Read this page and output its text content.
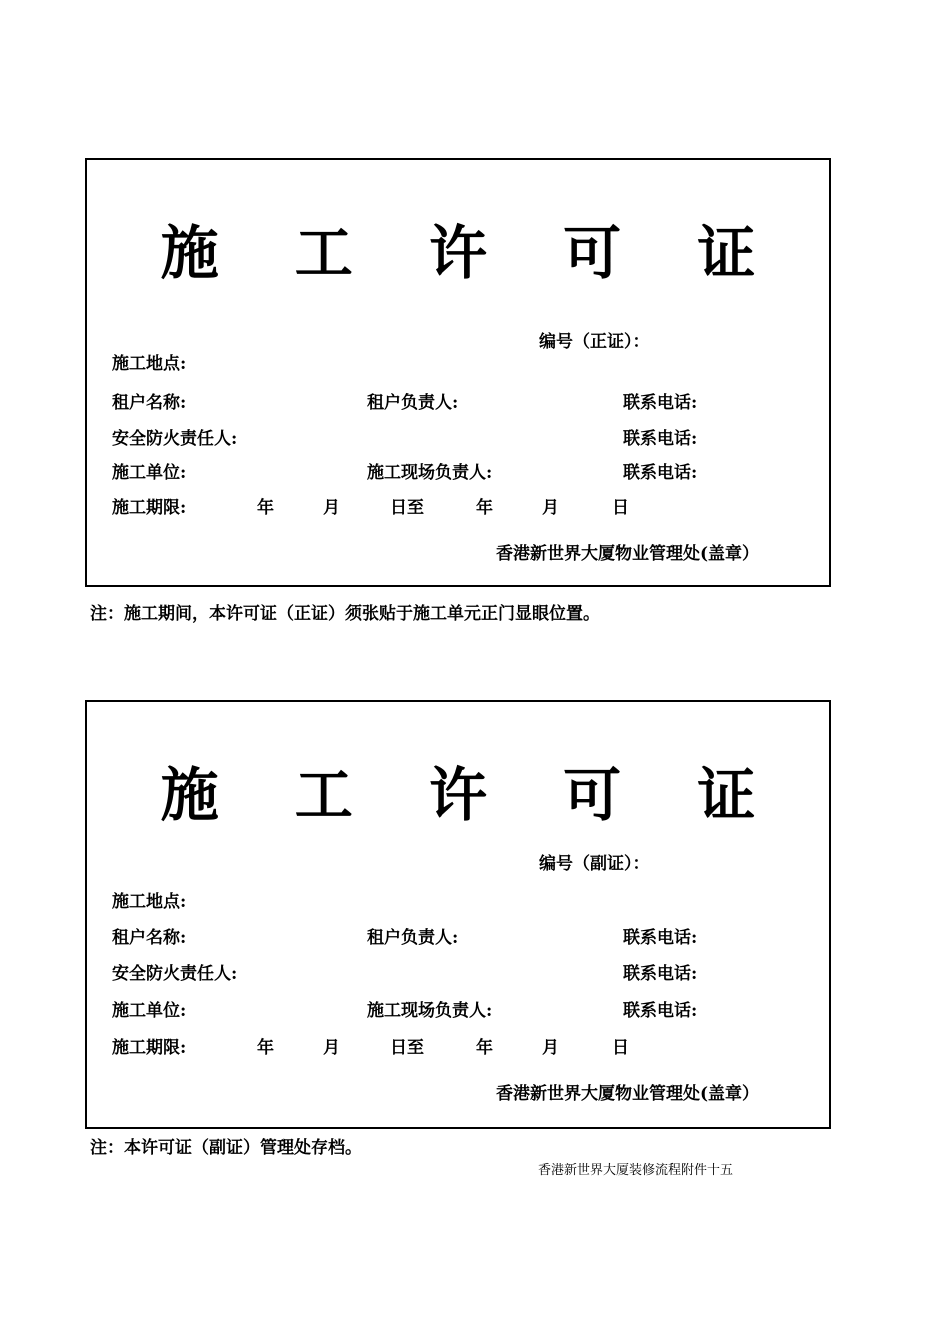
施 工 许 可 证
编号（正证）：
施工地点:
租户名称:	租户负责人:	联系电话:
安全防火责任人:	联系电话:
施工单位:	施工现场负责人:	联系电话:
施工期限:	年	月	日至	年	月	日
香港新世界大厦物业管理处(盖章）
注：施工期间，本许可证（正证）须张贴于施工单元正门显眼位置。
施 工 许 可 证
编号（副证）：
施工地点:
租户名称:	租户负责人:	联系电话:
安全防火责任人:	联系电话:
施工单位:	施工现场负责人:	联系电话:
施工期限:	年	月	日至	年	月	日
香港新世界大厦物业管理处(盖章）
注：本许可证（副证）管理处存档。
香港新世界大厦装修流程附件十五
